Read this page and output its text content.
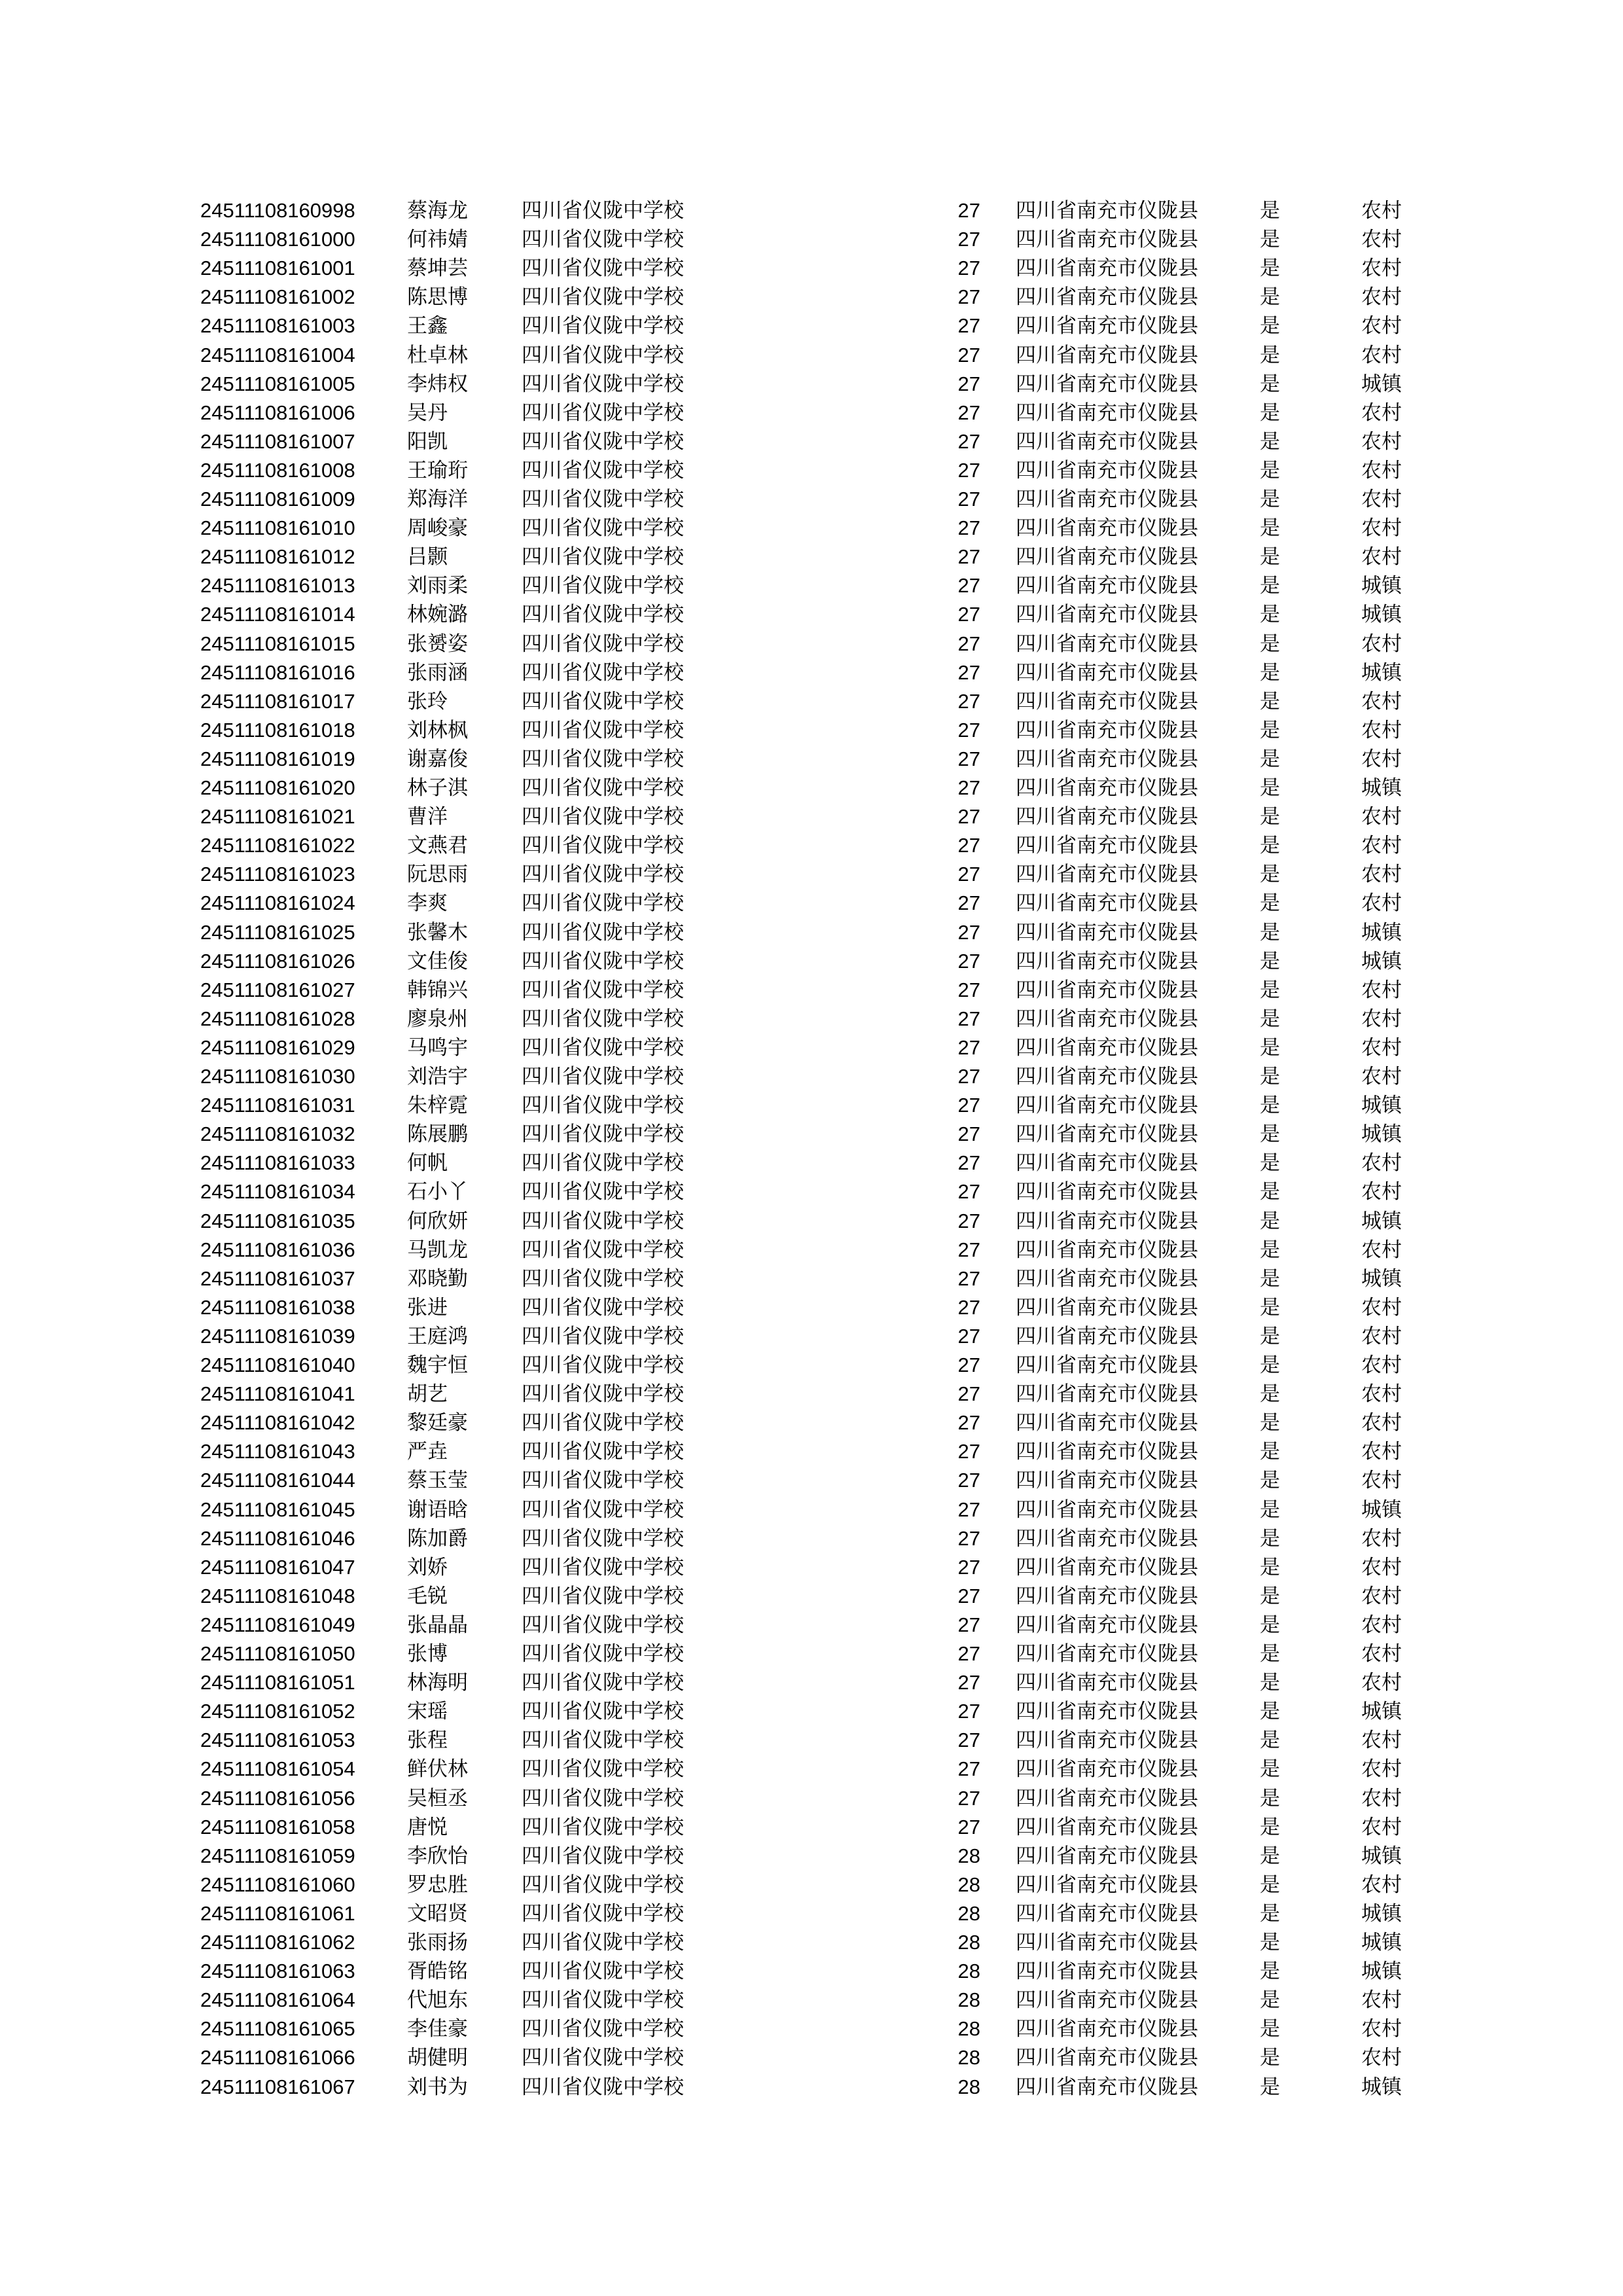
24511108160998	蔡海龙	四川省仪陇中学校	27 四川省南充市仪陇县	是	农村
24511108161000	何祎婧	四川省仪陇中学校	27 四川省南充市仪陇县	是	农村
24511108161001	蔡坤芸	四川省仪陇中学校	27 四川省南充市仪陇县	是	农村
24511108161002	陈思博	四川省仪陇中学校	27 四川省南充市仪陇县	是	农村
24511108161003	王鑫	四川省仪陇中学校	27 四川省南充市仪陇县	是	农村
24511108161004	杜卓林	四川省仪陇中学校	27 四川省南充市仪陇县	是	农村
24511108161005	李炜权	四川省仪陇中学校	27 四川省南充市仪陇县	是	城镇
24511108161006	吴丹	四川省仪陇中学校	27 四川省南充市仪陇县	是	农村
24511108161007	阳凯	四川省仪陇中学校	27 四川省南充市仪陇县	是	农村
24511108161008	王瑜珩	四川省仪陇中学校	27 四川省南充市仪陇县	是	农村
24511108161009	郑海洋	四川省仪陇中学校	27 四川省南充市仪陇县	是	农村
24511108161010	周峻豪	四川省仪陇中学校	27 四川省南充市仪陇县	是	农村
24511108161012	吕颢	四川省仪陇中学校	27 四川省南充市仪陇县	是	农村
24511108161013	刘雨柔	四川省仪陇中学校	27 四川省南充市仪陇县	是	城镇
24511108161014	林婉潞	四川省仪陇中学校	27 四川省南充市仪陇县	是	城镇
24511108161015	张赟姿	四川省仪陇中学校	27 四川省南充市仪陇县	是	农村
24511108161016	张雨涵	四川省仪陇中学校	27 四川省南充市仪陇县	是	城镇
24511108161017	张玲	四川省仪陇中学校	27 四川省南充市仪陇县	是	农村
24511108161018	刘林枫	四川省仪陇中学校	27 四川省南充市仪陇县	是	农村
24511108161019	谢嘉俊	四川省仪陇中学校	27 四川省南充市仪陇县	是	农村
24511108161020	林子淇	四川省仪陇中学校	27 四川省南充市仪陇县	是	城镇
24511108161021	曹洋	四川省仪陇中学校	27 四川省南充市仪陇县	是	农村
24511108161022	文燕君	四川省仪陇中学校	27 四川省南充市仪陇县	是	农村
24511108161023	阮思雨	四川省仪陇中学校	27 四川省南充市仪陇县	是	农村
24511108161024	李爽	四川省仪陇中学校	27 四川省南充市仪陇县	是	农村
24511108161025	张馨木	四川省仪陇中学校	27 四川省南充市仪陇县	是	城镇
24511108161026	文佳俊	四川省仪陇中学校	27 四川省南充市仪陇县	是	城镇
24511108161027	韩锦兴	四川省仪陇中学校	27 四川省南充市仪陇县	是	农村
24511108161028	廖泉州	四川省仪陇中学校	27 四川省南充市仪陇县	是	农村
24511108161029	马鸣宇	四川省仪陇中学校	27 四川省南充市仪陇县	是	农村
24511108161030	刘浩宇	四川省仪陇中学校	27 四川省南充市仪陇县	是	农村
24511108161031	朱梓霓	四川省仪陇中学校	27 四川省南充市仪陇县	是	城镇
24511108161032	陈展鹏	四川省仪陇中学校	27 四川省南充市仪陇县	是	城镇
24511108161033	何帆	四川省仪陇中学校	27 四川省南充市仪陇县	是	农村
24511108161034	石小丫	四川省仪陇中学校	27 四川省南充市仪陇县	是	农村
24511108161035	何欣妍	四川省仪陇中学校	27 四川省南充市仪陇县	是	城镇
24511108161036	马凯龙	四川省仪陇中学校	27 四川省南充市仪陇县	是	农村
24511108161037	邓晓勤	四川省仪陇中学校	27 四川省南充市仪陇县	是	城镇
24511108161038	张进	四川省仪陇中学校	27 四川省南充市仪陇县	是	农村
24511108161039	王庭鸿	四川省仪陇中学校	27 四川省南充市仪陇县	是	农村
24511108161040	魏宇恒	四川省仪陇中学校	27 四川省南充市仪陇县	是	农村
24511108161041	胡艺	四川省仪陇中学校	27 四川省南充市仪陇县	是	农村
24511108161042	黎廷豪	四川省仪陇中学校	27 四川省南充市仪陇县	是	农村
24511108161043	严垚	四川省仪陇中学校	27 四川省南充市仪陇县	是	农村
24511108161044	蔡玉莹	四川省仪陇中学校	27 四川省南充市仪陇县	是	农村
24511108161045	谢语晗	四川省仪陇中学校	27 四川省南充市仪陇县	是	城镇
24511108161046	陈加爵	四川省仪陇中学校	27 四川省南充市仪陇县	是	农村
24511108161047	刘娇	四川省仪陇中学校	27 四川省南充市仪陇县	是	农村
24511108161048	毛锐	四川省仪陇中学校	27 四川省南充市仪陇县	是	农村
24511108161049	张晶晶	四川省仪陇中学校	27 四川省南充市仪陇县	是	农村
24511108161050	张博	四川省仪陇中学校	27 四川省南充市仪陇县	是	农村
24511108161051	林海明	四川省仪陇中学校	27 四川省南充市仪陇县	是	农村
24511108161052	宋瑶	四川省仪陇中学校	27 四川省南充市仪陇县	是	城镇
24511108161053	张程	四川省仪陇中学校	27 四川省南充市仪陇县	是	农村
24511108161054	鲜伏林	四川省仪陇中学校	27 四川省南充市仪陇县	是	农村
24511108161056	吴桓丞	四川省仪陇中学校	27 四川省南充市仪陇县	是	农村
24511108161058	唐悦	四川省仪陇中学校	27 四川省南充市仪陇县	是	农村
24511108161059	李欣怡	四川省仪陇中学校	28 四川省南充市仪陇县	是	城镇
24511108161060	罗忠胜	四川省仪陇中学校	28 四川省南充市仪陇县	是	农村
24511108161061	文昭贤	四川省仪陇中学校	28 四川省南充市仪陇县	是	城镇
24511108161062	张雨扬	四川省仪陇中学校	28 四川省南充市仪陇县	是	城镇
24511108161063	胥皓铭	四川省仪陇中学校	28 四川省南充市仪陇县	是	城镇
24511108161064	代旭东	四川省仪陇中学校	28 四川省南充市仪陇县	是	农村
24511108161065	李佳豪	四川省仪陇中学校	28 四川省南充市仪陇县	是	农村
24511108161066	胡健明	四川省仪陇中学校	28 四川省南充市仪陇县	是	农村
24511108161067	刘书为	四川省仪陇中学校	28 四川省南充市仪陇县	是	城镇
